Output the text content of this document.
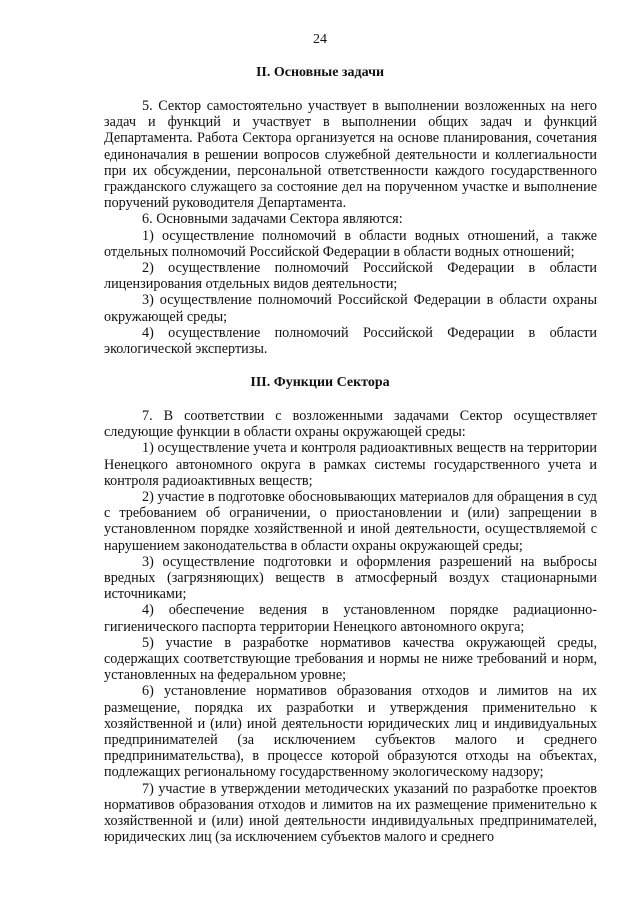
24
II. Основные задачи

5. Сектор самостоятельно участвует в выполнении возложенных на него задач и функций и участвует в выполнении общих задач и функций Департамента. Работа Сектора организуется на основе планирования, сочетания единоначалия в решении вопросов служебной деятельности и коллегиальности при их обсуждении, персональной ответственности каждого государственного гражданского служащего за состояние дел на порученном участке и выполнение поручений руководителя Департамента.

6. Основными задачами Сектора являются:

1) осуществление полномочий в области водных отношений, а также отдельных полномочий Российской Федерации в области водных отношений;

2) осуществление полномочий Российской Федерации в области лицензирования отдельных видов деятельности;

3) осуществление полномочий Российской Федерации в области охраны окружающей среды;

4) осуществление полномочий Российской Федерации в области экологической экспертизы.

III. Функции Сектора

7. В соответствии с возложенными задачами Сектор осуществляет следующие функции в области охраны окружающей среды:

1) осуществление учета и контроля радиоактивных веществ на территории Ненецкого автономного округа в рамках системы государственного учета и контроля радиоактивных веществ;

2) участие в подготовке обосновывающих материалов для обращения в суд с требованием об ограничении, о приостановлении и (или) запрещении в установленном порядке хозяйственной и иной деятельности, осуществляемой с нарушением законодательства в области охраны окружающей среды;

3) осуществление подготовки и оформления разрешений на выбросы вредных (загрязняющих) веществ в атмосферный воздух стационарными источниками;

4) обеспечение ведения в установленном порядке радиационно-гигиенического паспорта территории Ненецкого автономного округа;

5) участие в разработке нормативов качества окружающей среды, содержащих соответствующие требования и нормы не ниже требований и норм, установленных на федеральном уровне;

6) установление нормативов образования отходов и лимитов на их размещение, порядка их разработки и утверждения применительно к хозяйственной и (или) иной деятельности юридических лиц и индивидуальных предпринимателей (за исключением субъектов малого и среднего предпринимательства), в процессе которой образуются отходы на объектах, подлежащих региональному государственному экологическому надзору;

7) участие в утверждении методических указаний по разработке проектов нормативов образования отходов и лимитов на их размещение применительно к хозяйственной и (или) иной деятельности индивидуальных предпринимателей, юридических лиц (за исключением субъектов малого и среднего
